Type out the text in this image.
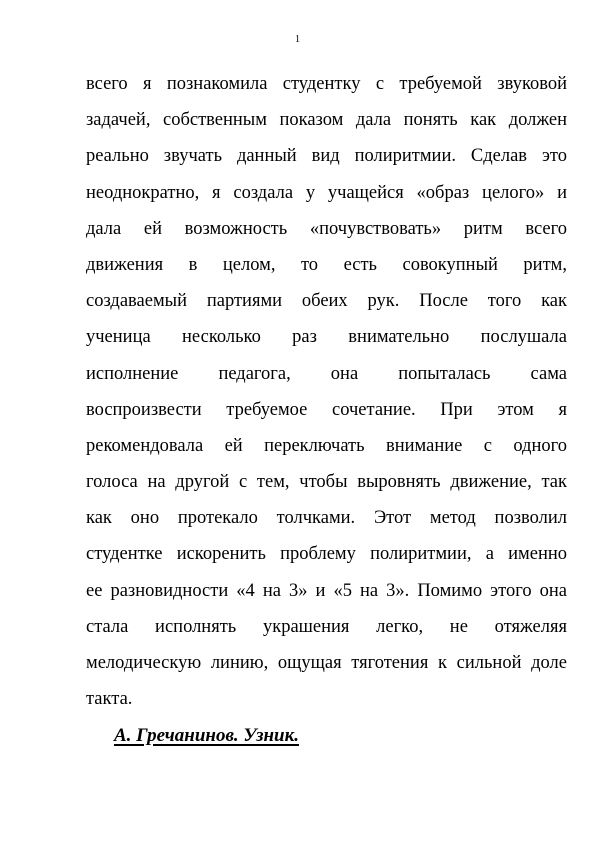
1
всего я познакомила студентку с требуемой звуковой
задачей, собственным показом дала понять как должен
реально звучать данный вид полиритмии. Сделав это
неоднократно, я создала у учащейся «образ целого» и
дала ей возможность «почувствовать» ритм всего
движения в целом, то есть совокупный ритм,
создаваемый партиями обеих рук. После того как
ученица несколько раз внимательно послушала
исполнение педагога, она попыталась сама
воспроизвести требуемое сочетание. При этом я
рекомендовала ей переключать внимание с одного
голоса на другой с тем, чтобы выровнять движение, так
как оно протекало толчками. Этот метод позволил
студентке искоренить проблему полиритмии, а именно
ее разновидности «4 на 3» и «5 на 3». Помимо этого она
стала исполнять украшения легко, не отяжеляя
мелодическую линию, ощущая тяготения к сильной доле
такта.
А. Гречанинов. Узник.
